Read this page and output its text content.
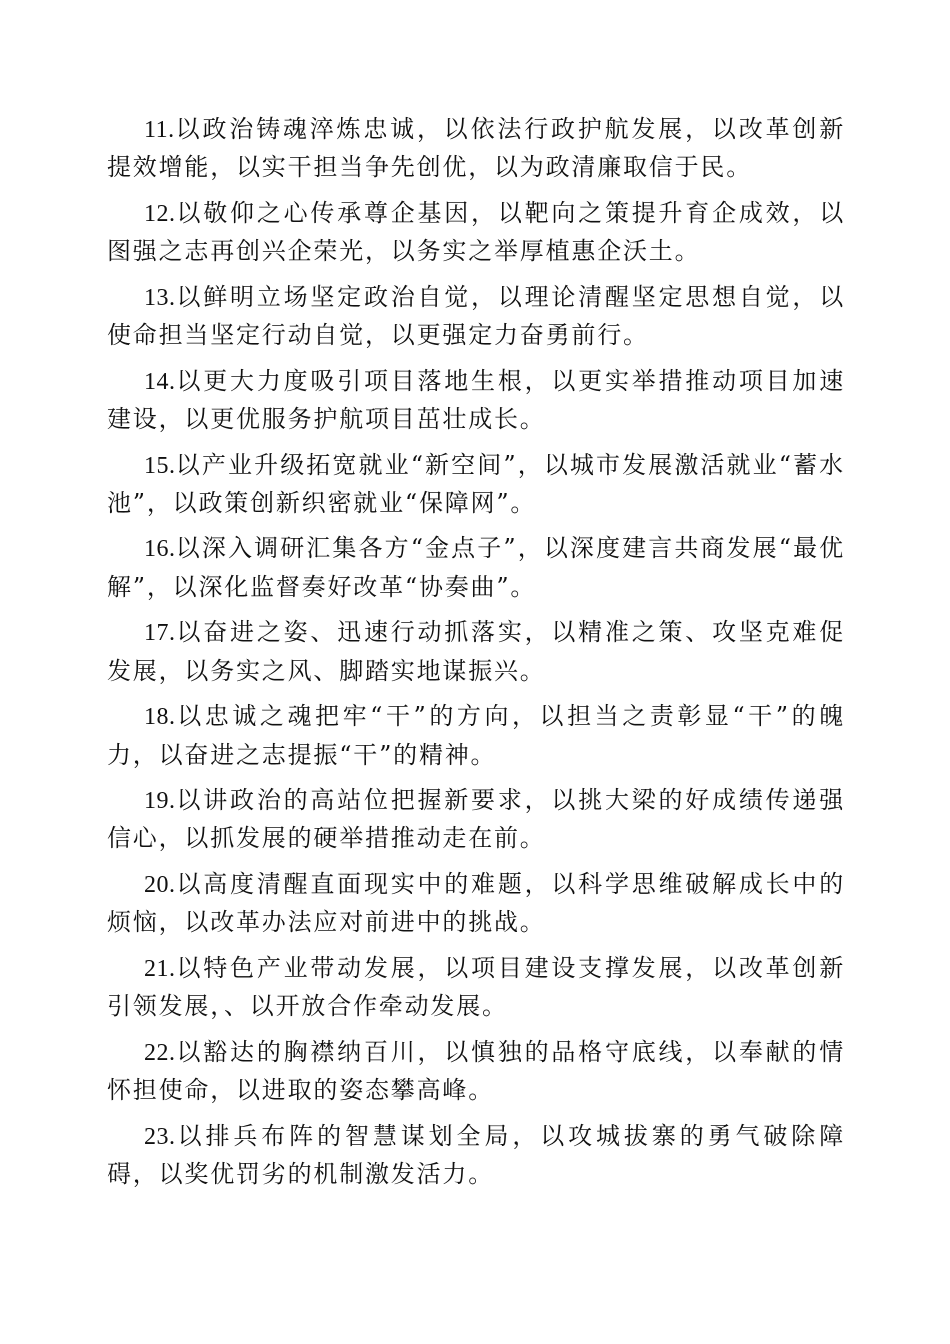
11.以政治铸魂淬炼忠诚，以依法行政护航发展，以改革创新提效增能，以实干担当争先创优，以为政清廉取信于民。

12.以敬仰之心传承尊企基因，以靶向之策提升育企成效，以图强之志再创兴企荣光，以务实之举厚植惠企沃土。

13.以鲜明立场坚定政治自觉，以理论清醒坚定思想自觉，以使命担当坚定行动自觉，以更强定力奋勇前行。

14.以更大力度吸引项目落地生根，以更实举措推动项目加速建设，以更优服务护航项目茁壮成长。

15.以产业升级拓宽就业“新空间”，以城市发展激活就业“蓄水池”，以政策创新织密就业“保障网”。

16.以深入调研汇集各方“金点子”，以深度建言共商发展“最优解”，以深化监督奏好改革“协奏曲”。

17.以奋进之姿、迅速行动抓落实，以精准之策、攻坚克难促发展，以务实之风、脚踏实地谋振兴。

18.以忠诚之魂把牢“干”的方向，以担当之责彰显“干”的魄力，以奋进之志提振“干”的精神。

19.以讲政治的高站位把握新要求，以挑大梁的好成绩传递强信心，以抓发展的硬举措推动走在前。

20.以高度清醒直面现实中的难题，以科学思维破解成长中的烦恼，以改革办法应对前进中的挑战。

21.以特色产业带动发展，以项目建设支撑发展，以改革创新引领发展，、以开放合作牵动发展。

22.以豁达的胸襟纳百川，以慎独的品格守底线，以奉献的情怀担使命，以进取的姿态攀高峰。

23.以排兵布阵的智慧谋划全局，以攻城拔寨的勇气破除障碍，以奖优罚劣的机制激发活力。
